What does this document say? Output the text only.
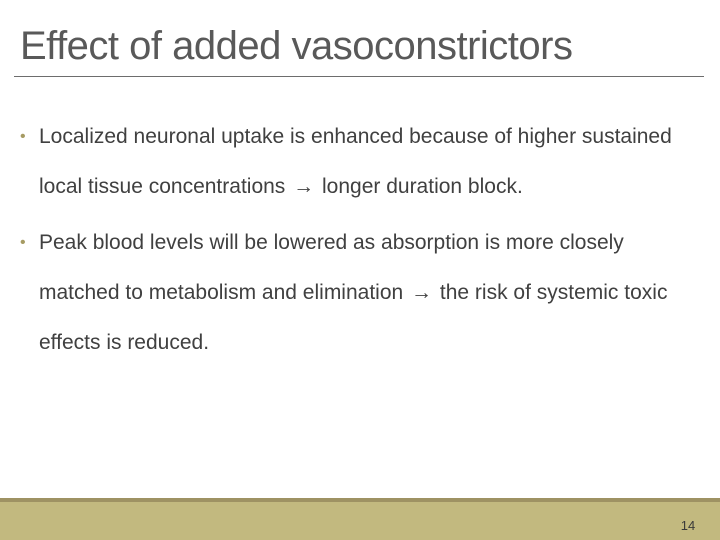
Effect of added vasoconstrictors
• Localized neuronal uptake is enhanced because of higher sustained local tissue concentrations → longer duration block.
• Peak blood levels will be lowered as absorption is more closely matched to metabolism and elimination → the risk of systemic toxic effects is reduced.
14
